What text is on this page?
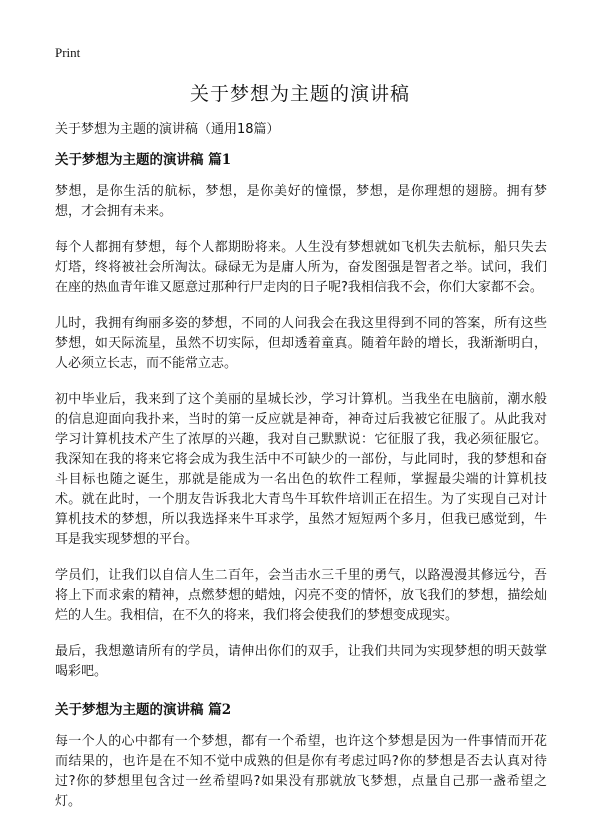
Print
关于梦想为主题的演讲稿

关于梦想为主题的演讲稿（通用18篇）

关于梦想为主题的演讲稿 篇1

梦想，是你生活的航标，梦想，是你美好的憧憬，梦想，是你理想的翅膀。拥有梦想，才会拥有未来。

每个人都拥有梦想，每个人都期盼将来。人生没有梦想就如飞机失去航标，船只失去灯塔，终将被社会所淘汰。碌碌无为是庸人所为，奋发图强是智者之举。试问，我们在座的热血青年谁又愿意过那种行尸走肉的日子呢?我相信我不会，你们大家都不会。

儿时，我拥有绚丽多姿的梦想，不同的人问我会在我这里得到不同的答案，所有这些梦想，如天际流星，虽然不切实际，但却透着童真。随着年龄的增长，我渐渐明白，人必须立长志，而不能常立志。

初中毕业后，我来到了这个美丽的星城长沙，学习计算机。当我坐在电脑前，潮水般的信息迎面向我扑来，当时的第一反应就是神奇，神奇过后我被它征服了。从此我对学习计算机技术产生了浓厚的兴趣，我对自己默默说：它征服了我，我必须征服它。我深知在我的将来它将会成为我生活中不可缺少的一部份，与此同时，我的梦想和奋斗目标也随之诞生，那就是能成为一名出色的软件工程师，掌握最尖端的计算机技术。就在此时，一个朋友告诉我北大青鸟牛耳软件培训正在招生。为了实现自己对计算机技术的梦想，所以我选择来牛耳求学，虽然才短短两个多月，但我已感觉到，牛耳是我实现梦想的平台。

学员们，让我们以自信人生二百年，会当击水三千里的勇气，以路漫漫其修远兮，吾将上下而求索的精神，点燃梦想的蜡烛，闪亮不变的情怀，放飞我们的梦想，描绘灿烂的人生。我相信，在不久的将来，我们将会使我们的梦想变成现实。

最后，我想邀请所有的学员，请伸出你们的双手，让我们共同为实现梦想的明天鼓掌喝彩吧。

关于梦想为主题的演讲稿 篇2

每一个人的心中都有一个梦想，都有一个希望，也许这个梦想是因为一件事情而开花而结果的，也许是在不知不觉中成熟的但是你有考虑过吗?你的梦想是否去认真对待过?你的梦想里包含过一丝希望吗?如果没有那就放飞梦想，点量自己那一盏希望之灯。
